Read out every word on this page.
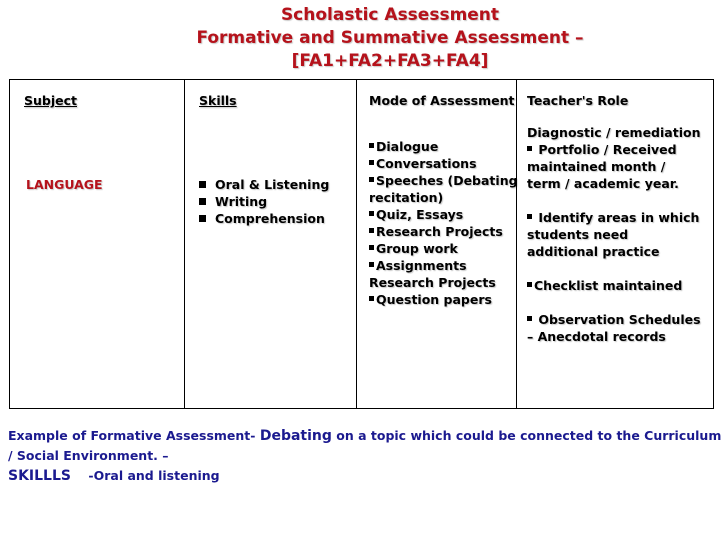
Scholastic Assessment
Formative and Summative Assessment –
[FA1+FA2+FA3+FA4]
Subject
LANGUAGE
Skills
Oral & Listening
Writing
Comprehension
Mode of Assessment
Dialogue
Conversations
Speeches (Debating recitation)
Quiz, Essays
Research Projects
Group work
Assignments Research Projects
Question papers
Teacher's Role

Diagnostic / remediation

Portfolio / Received maintained month / term / academic year.

Identify areas in which students need additional practice

Checklist maintained

Observation Schedules – Anecdotal records

Example of Formative Assessment- Debating on a topic which could be connected to the Curriculum / Social Environment. –
SKILLLS -Oral and listening
